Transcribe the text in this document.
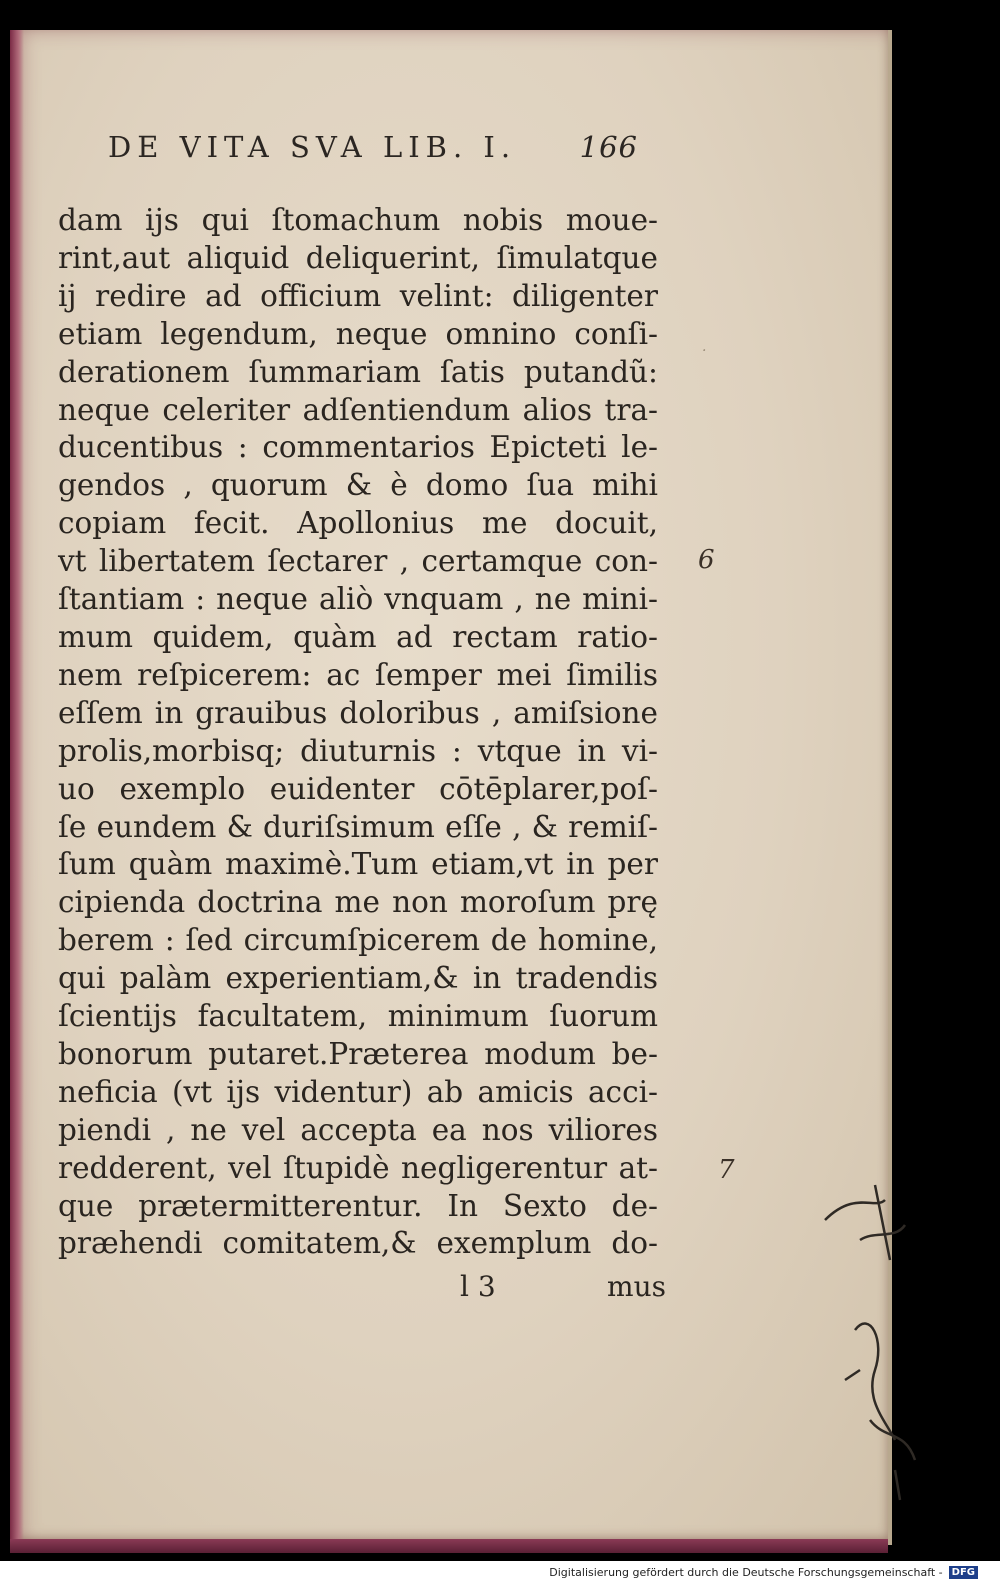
DE VITA SVA LIB. I. 166
dam ijs qui ſtomachum nobis moue-
rint,aut aliquid deliquerint, ſimulatque
ij redire ad officium velint: diligenter
etiam legendum, neque omnino conſi-
derationem ſummariam ſatis putandũ:
neque celeriter adſentiendum alios tra-
ducentibus : commentarios Epicteti le-
gendos , quorum & è domo ſua mihi
copiam fecit. Apollonius me docuit,
vt libertatem ſectarer , certamque con-
ſtantiam : neque aliò vnquam , ne mini-
mum quidem, quàm ad rectam ratio-
nem reſpicerem: ac ſemper mei ſimilis
eſſem in grauibus doloribus , amiſsione
prolis,morbisq; diuturnis : vtque in vi-
uo exemplo euidenter cōtēplarer,poſ-
ſe eundem & duriſsimum eſſe , & remiſ-
ſum quàm maximè.Tum etiam,vt in per
cipienda doctrina me non moroſum prę
berem : ſed circumſpicerem de homine,
qui palàm experientiam,& in tradendis
ſcientijs facultatem, minimum ſuorum
bonorum putaret.Præterea modum be-
neficia (vt ijs videntur) ab amicis acci-
piendi , ne vel accepta ea nos viliores
redderent, vel ſtupidè negligerentur at-
que prætermitterentur. In Sexto de-
præhendi comitatem,& exemplum do-
l 3	mus
·
6
7
Digitalisierung gefördert durch die Deutsche Forschungsgemeinschaft - DFG
